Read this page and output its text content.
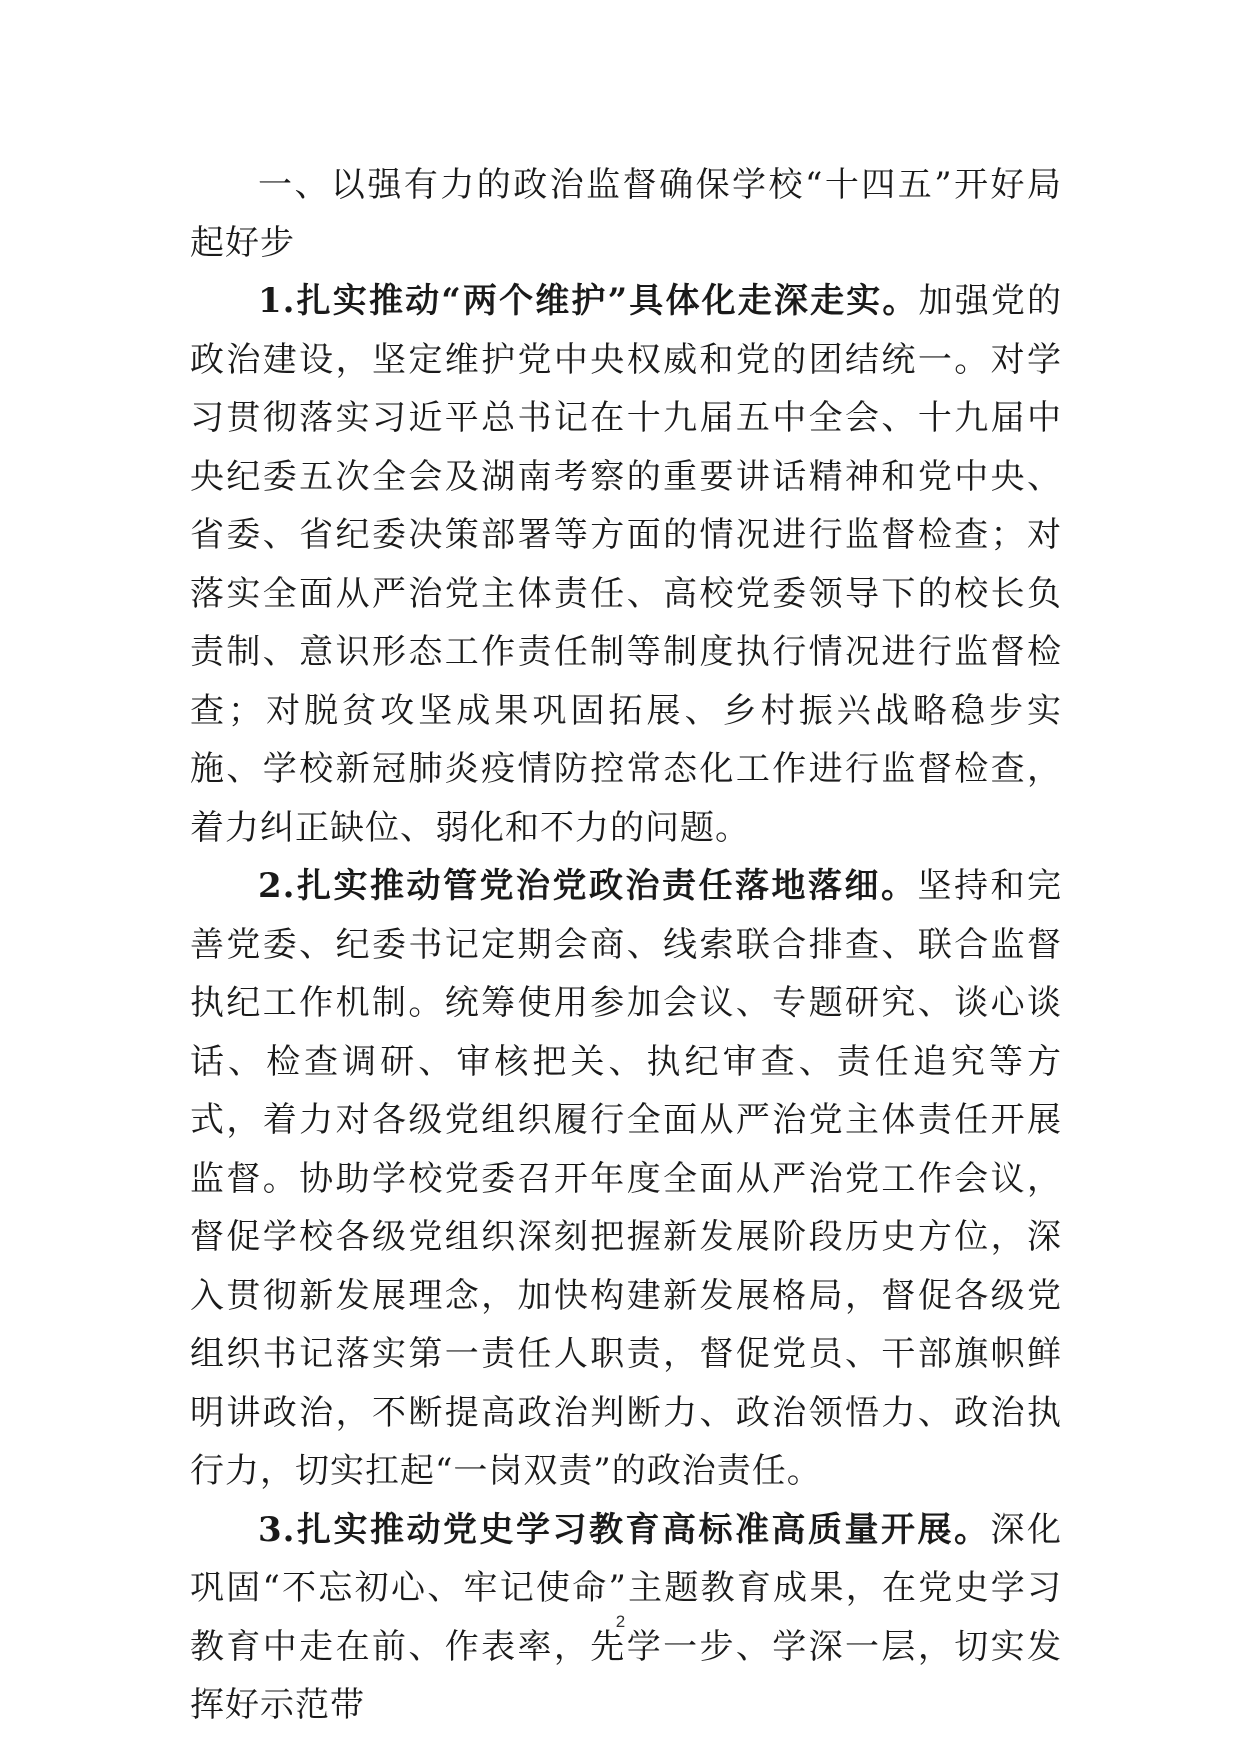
一、以强有力的政治监督确保学校“十四五”开好局起好步

1.扎实推动“两个维护”具体化走深走实。加强党的政治建设，坚定维护党中央权威和党的团结统一。对学习贯彻落实习近平总书记在十九届五中全会、十九届中央纪委五次全会及湖南考察的重要讲话精神和党中央、省委、省纪委决策部署等方面的情况进行监督检查；对落实全面从严治党主体责任、高校党委领导下的校长负责制、意识形态工作责任制等制度执行情况进行监督检查；对脱贫攻坚成果巩固拓展、乡村振兴战略稳步实施、学校新冠肺炎疫情防控常态化工作进行监督检查，着力纠正缺位、弱化和不力的问题。

2.扎实推动管党治党政治责任落地落细。坚持和完善党委、纪委书记定期会商、线索联合排查、联合监督执纪工作机制。统筹使用参加会议、专题研究、谈心谈话、检查调研、审核把关、执纪审查、责任追究等方式，着力对各级党组织履行全面从严治党主体责任开展监督。协助学校党委召开年度全面从严治党工作会议，督促学校各级党组织深刻把握新发展阶段历史方位，深入贯彻新发展理念，加快构建新发展格局，督促各级党组织书记落实第一责任人职责，督促党员、干部旗帜鲜明讲政治，不断提高政治判断力、政治领悟力、政治执行力，切实扛起“一岗双责”的政治责任。

3.扎实推动党史学习教育高标准高质量开展。深化巩固“不忘初心、牢记使命”主题教育成果，在党史学习教育中走在前、作表率，先学一步、学深一层，切实发挥好示范带

2
